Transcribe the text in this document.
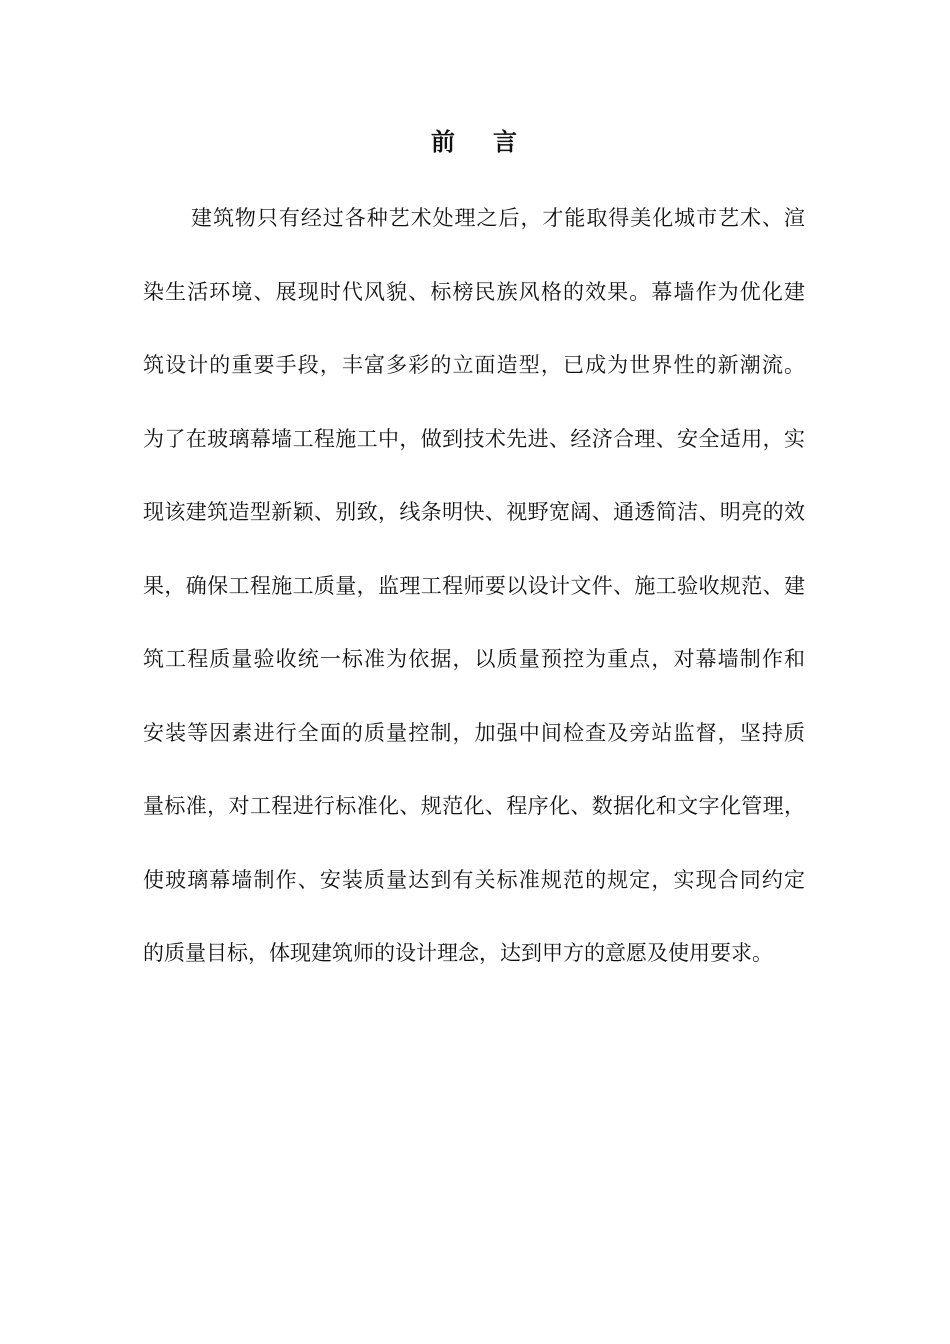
前 言
建筑物只有经过各种艺术处理之后，才能取得美化城市艺术、渲
染生活环境、展现时代风貌、标榜民族风格的效果。幕墙作为优化建
筑设计的重要手段，丰富多彩的立面造型，已成为世界性的新潮流。
为了在玻璃幕墙工程施工中，做到技术先进、经济合理、安全适用，实
现该建筑造型新颖、别致，线条明快、视野宽阔、通透简洁、明亮的效
果，确保工程施工质量，监理工程师要以设计文件、施工验收规范、建
筑工程质量验收统一标准为依据，以质量预控为重点，对幕墙制作和
安装等因素进行全面的质量控制，加强中间检查及旁站监督，坚持质
量标准，对工程进行标准化、规范化、程序化、数据化和文字化管理，
使玻璃幕墙制作、安装质量达到有关标准规范的规定，实现合同约定
的质量目标，体现建筑师的设计理念，达到甲方的意愿及使用要求。
